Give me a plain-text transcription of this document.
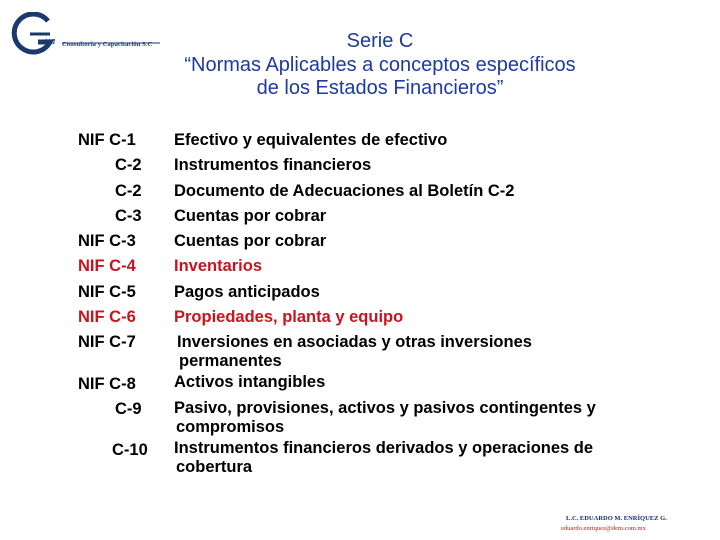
xa Consultoría y Capacitación S.C	Serie C
“Normas Aplicables a conceptos específicos
de los Estados Financieros”
NIF C-1
C-2
C-2
C-3
NIF C-3
NIF C-4
NIF C-5
NIF C-6
NIF C-7
NIF C-8
C-9
C-10
Efectivo y equivalentes de efectivo
Instrumentos financieros
Documento de Adecuaciones al Boletín C-2
Cuentas por cobrar
Cuentas por cobrar
Inventarios
Pagos anticipados
Propiedades, planta y equipo
Inversiones en asociadas y otras inversiones
permanentes
Activos intangibles
Pasivo, provisiones, activos y pasivos contingentes y
compromisos
Instrumentos financieros derivados y operaciones de
cobertura
L.C. EDUARDO M. ENRÍQUEZ G.
eduardo.enriquez@dem.com.mx
